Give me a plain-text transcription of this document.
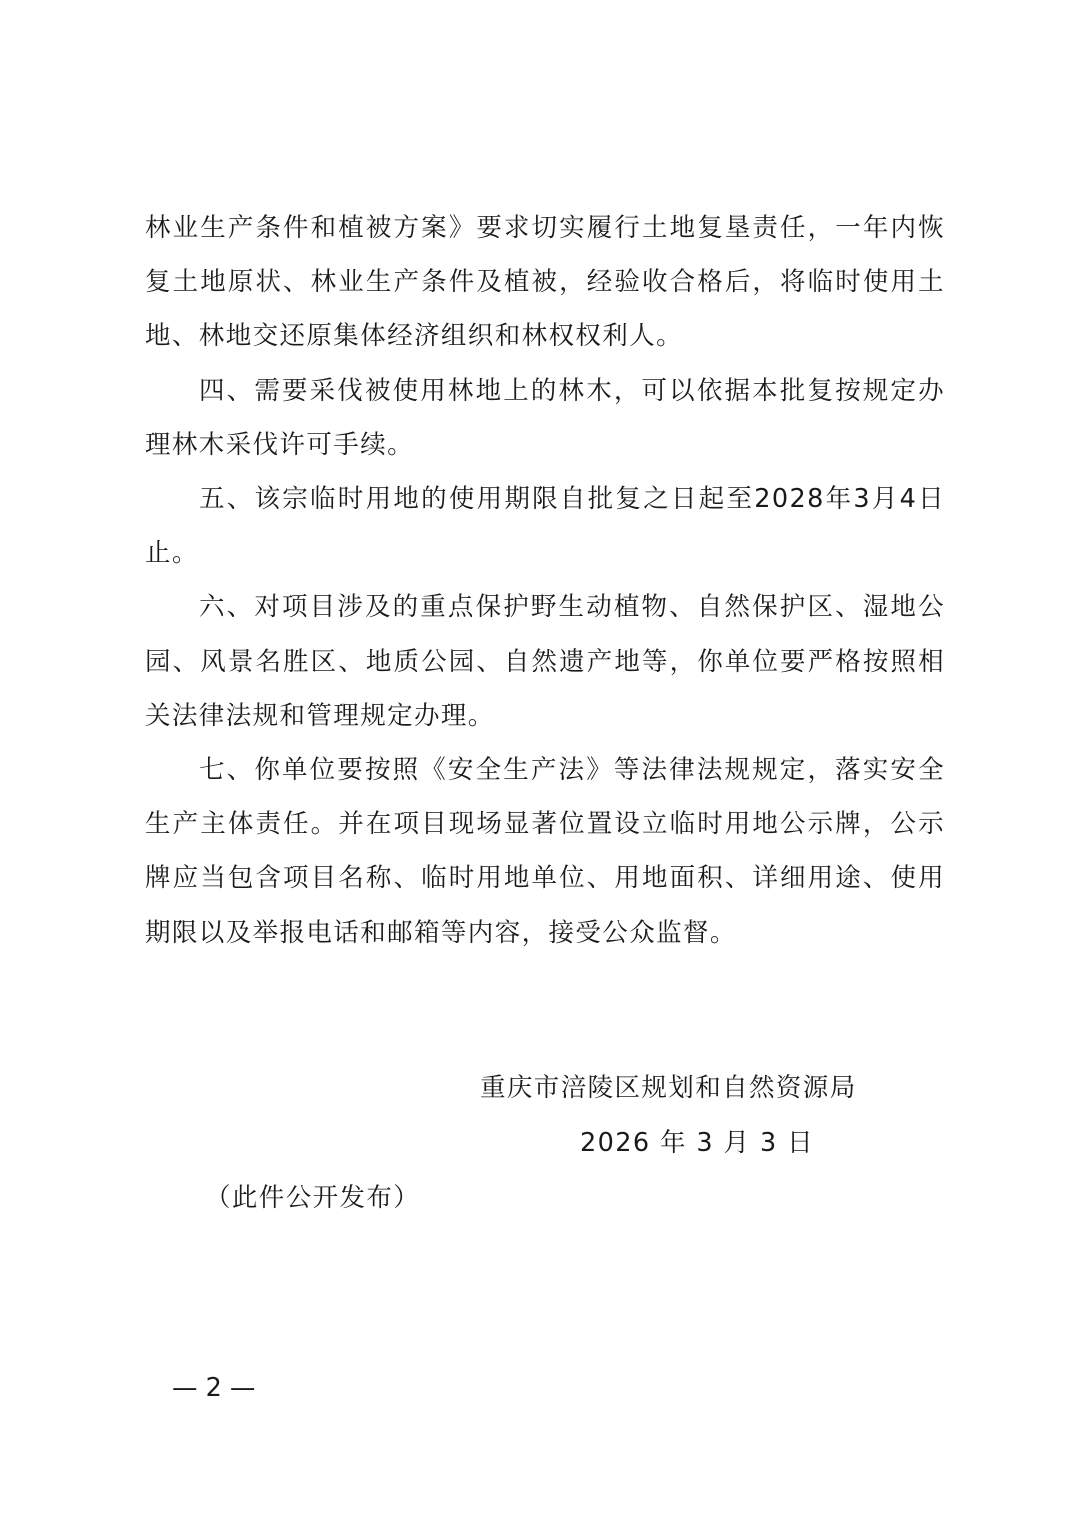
林业生产条件和植被方案》要求切实履行土地复垦责任，一年内恢复土地原状、林业生产条件及植被，经验收合格后，将临时使用土地、林地交还原集体经济组织和林权权利人。

四、需要采伐被使用林地上的林木，可以依据本批复按规定办理林木采伐许可手续。

五、该宗临时用地的使用期限自批复之日起至2028年3月4日止。

六、对项目涉及的重点保护野生动植物、自然保护区、湿地公园、风景名胜区、地质公园、自然遗产地等，你单位要严格按照相关法律法规和管理规定办理。

七、你单位要按照《安全生产法》等法律法规规定，落实安全生产主体责任。并在项目现场显著位置设立临时用地公示牌，公示牌应当包含项目名称、临时用地单位、用地面积、详细用途、使用期限以及举报电话和邮箱等内容，接受公众监督。

重庆市涪陵区规划和自然资源局
2026 年 3 月 3 日
（此件公开发布）
— 2 —
